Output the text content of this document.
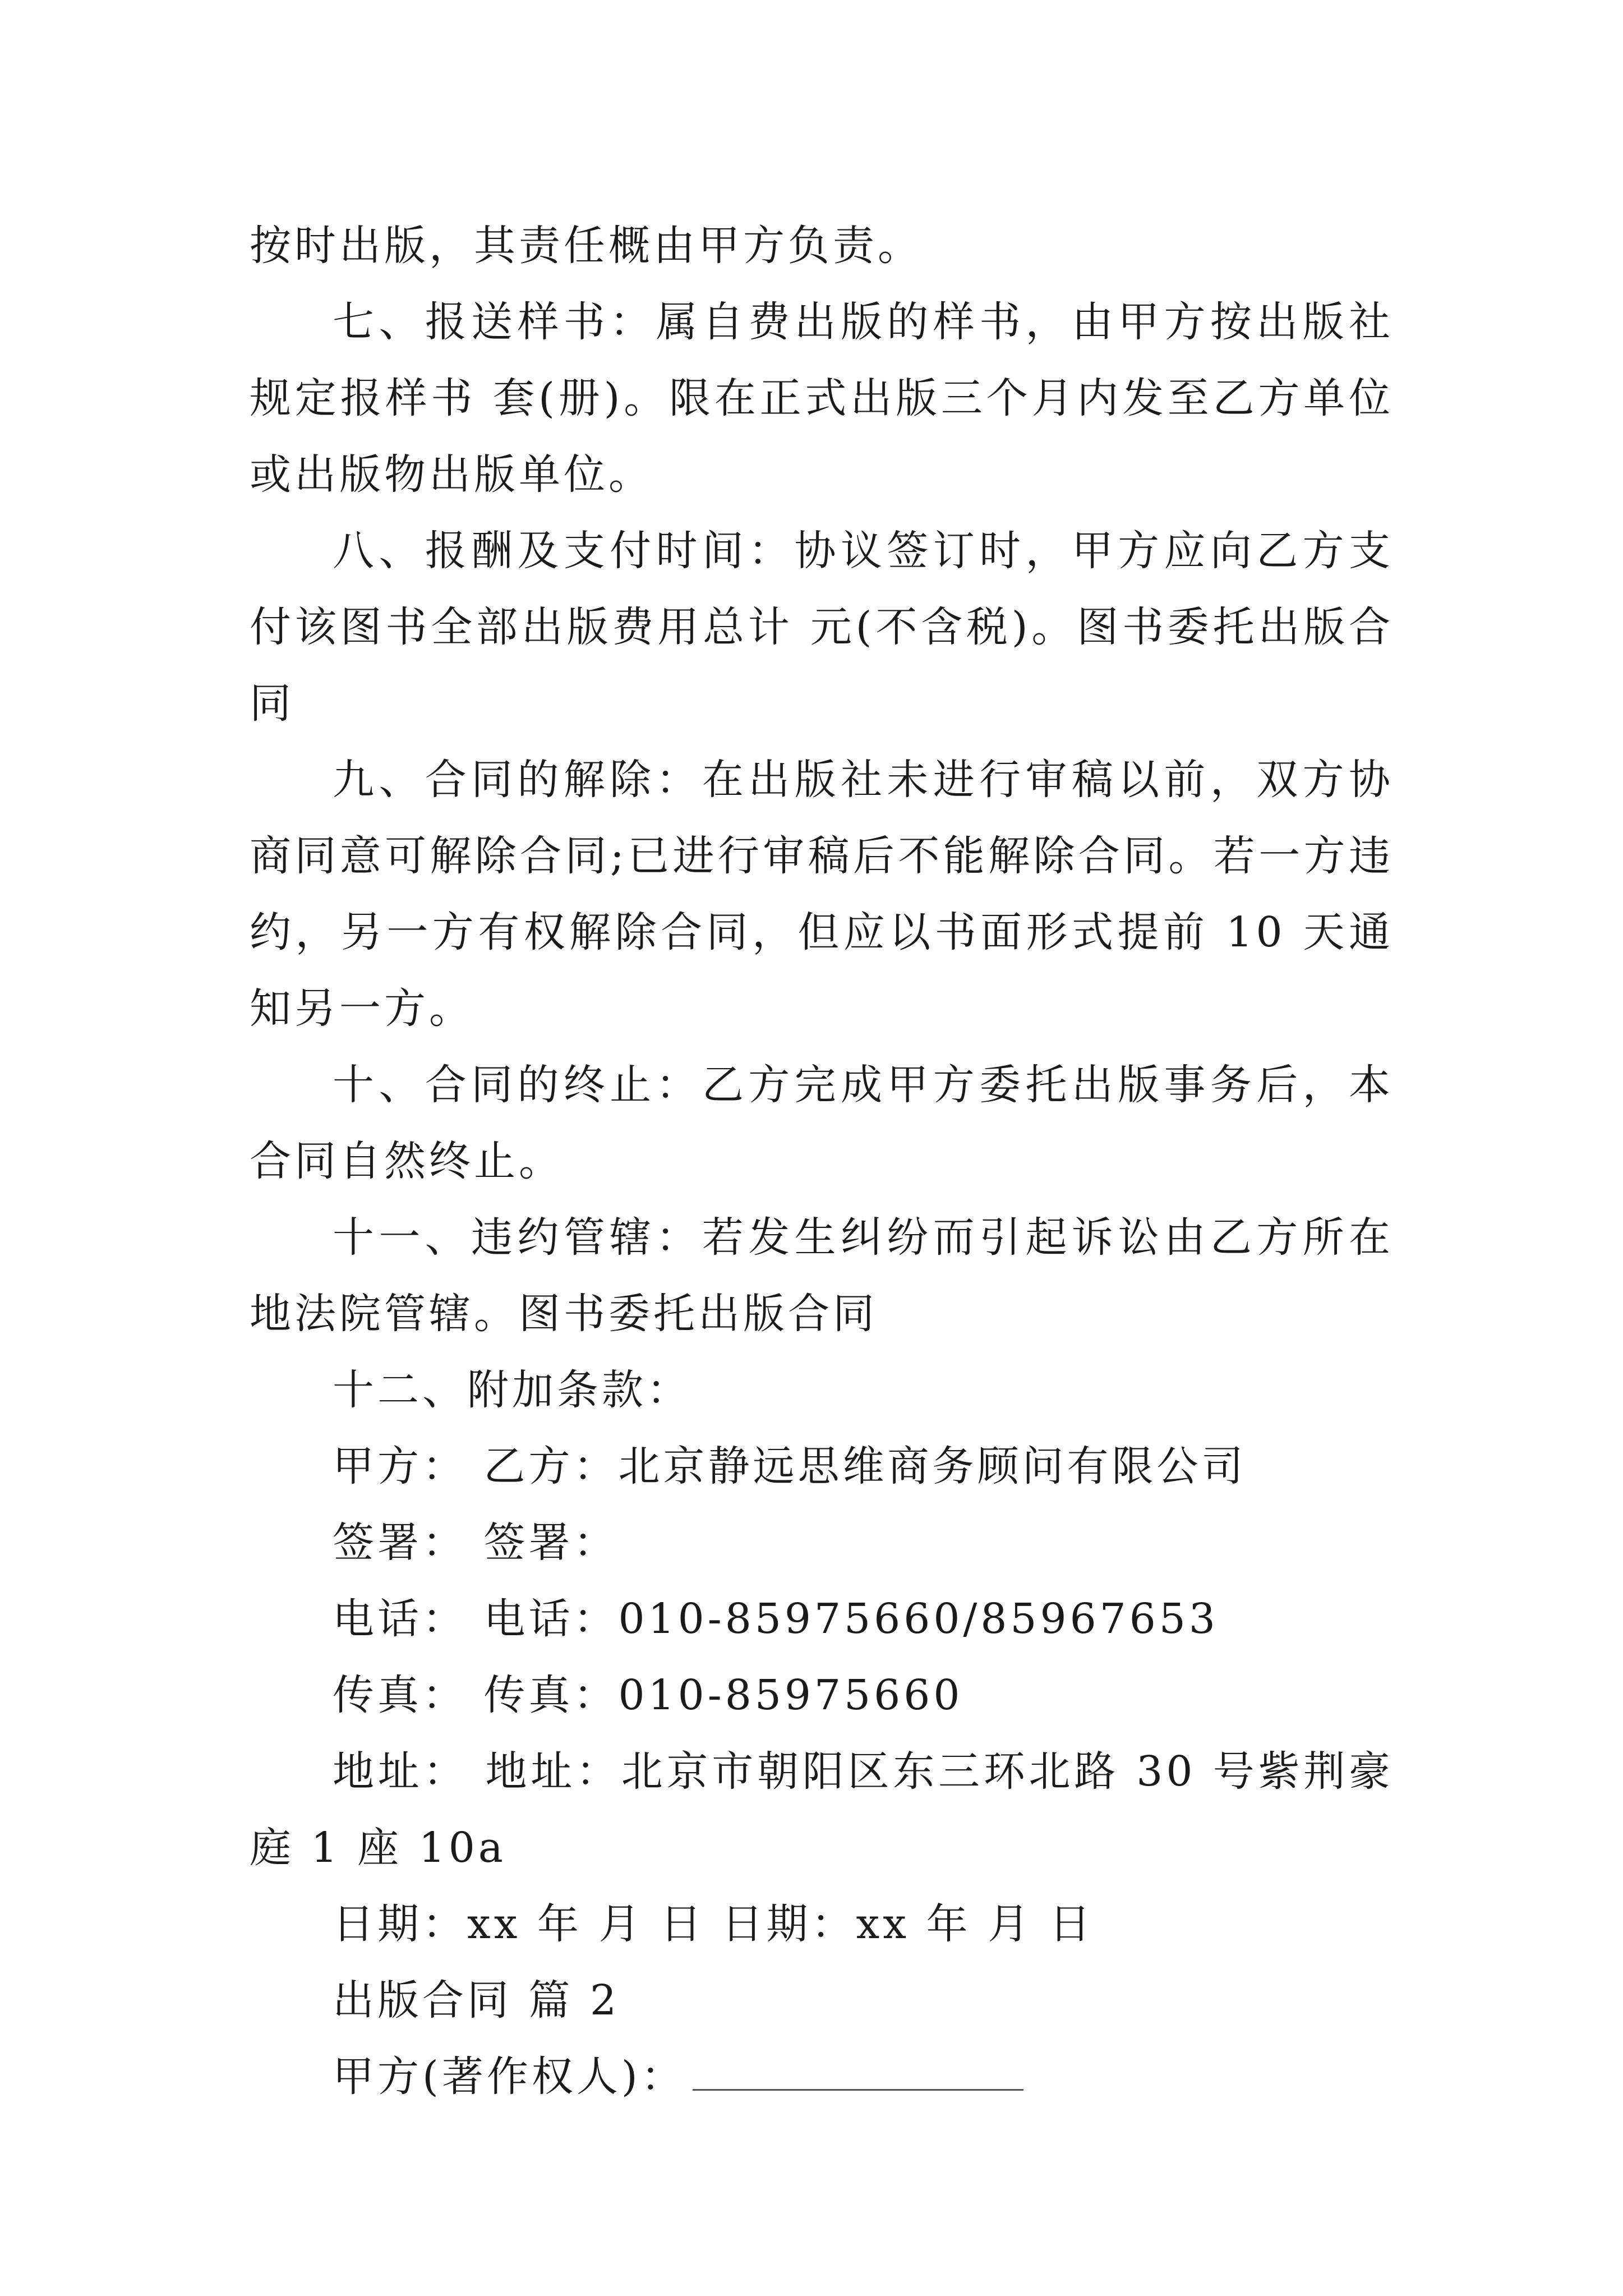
按时出版，其责任概由甲方负责。

七、报送样书：属自费出版的样书，由甲方按出版社规定报样书 套(册)。限在正式出版三个月内发至乙方单位或出版物出版单位。

八、报酬及支付时间：协议签订时，甲方应向乙方支付该图书全部出版费用总计 元(不含税)。图书委托出版合同

九、合同的解除：在出版社未进行审稿以前，双方协商同意可解除合同;已进行审稿后不能解除合同。若一方违约，另一方有权解除合同，但应以书面形式提前 10 天通知另一方。

十、合同的终止：乙方完成甲方委托出版事务后，本合同自然终止。

十一、违约管辖：若发生纠纷而引起诉讼由乙方所在地法院管辖。图书委托出版合同

十二、附加条款：

甲方： 乙方：北京静远思维商务顾问有限公司

签署： 签署：

电话： 电话：010-85975660/85967653

传真： 传真：010-85975660

地址： 地址：北京市朝阳区东三环北路 30 号紫荆豪庭 1 座 10a

日期：xx 年 月 日 日期：xx 年 月 日

出版合同 篇 2

甲方(著作权人)：
